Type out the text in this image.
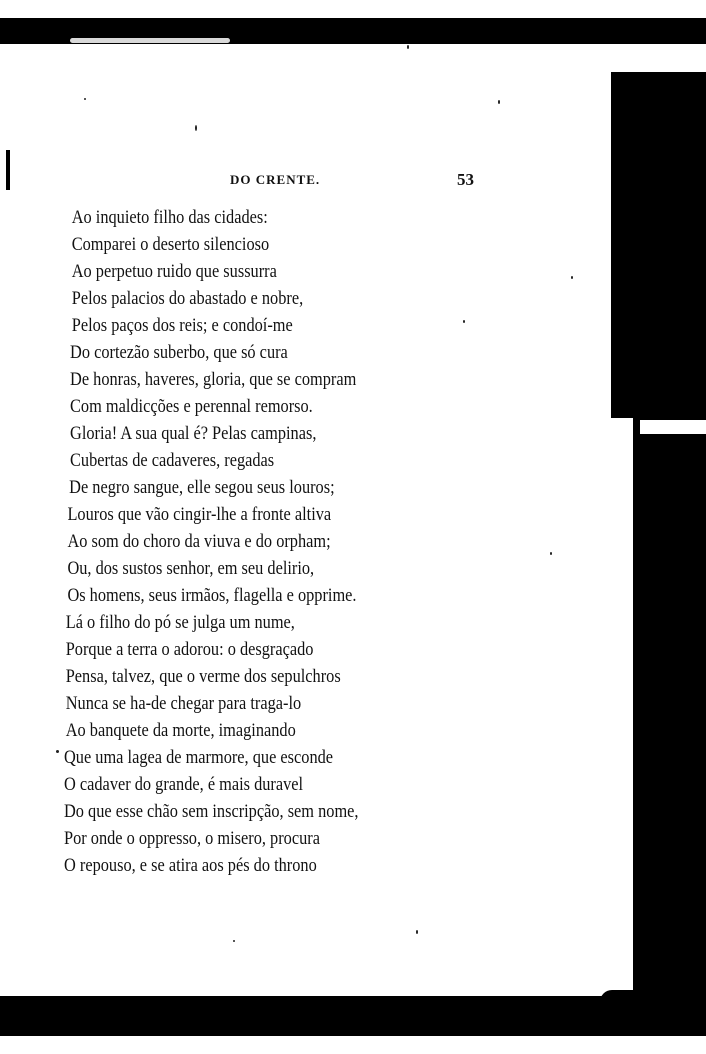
DO CRENTE.	53
Ao inquieto filho das cidades:
Comparei o deserto silencioso
Ao perpetuo ruido que sussurra
Pelos palacios do abastado e nobre,
Pelos paços dos reis; e condoí-me
Do cortezão suberbo, que só cura
De honras, haveres, gloria, que se compram
Com maldicções e perennal remorso.
Gloria! A sua qual é? Pelas campinas,
Cubertas de cadaveres, regadas
De negro sangue, elle segou seus louros;
Louros que vão cingir-lhe a fronte altiva
Ao som do choro da viuva e do orpham;
Ou, dos sustos senhor, em seu delirio,
Os homens, seus irmãos, flagella e opprime.
Lá o filho do pó se julga um nume,
Porque a terra o adorou: o desgraçado
Pensa, talvez, que o verme dos sepulchros
Nunca se ha-de chegar para traga-lo
Ao banquete da morte, imaginando
Que uma lagea de marmore, que esconde
O cadaver do grande, é mais duravel
Do que esse chão sem inscripção, sem nome,
Por onde o oppresso, o misero, procura
O repouso, e se atira aos pés do throno
